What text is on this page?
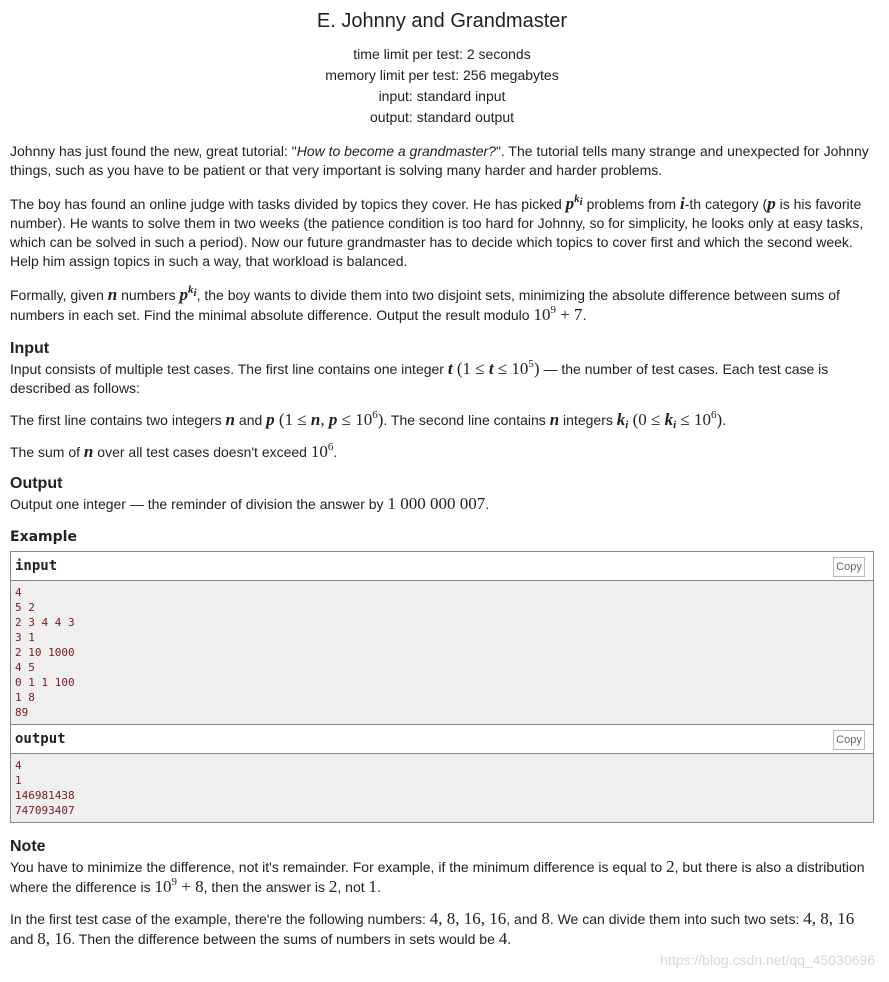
E. Johnny and Grandmaster
time limit per test: 2 seconds
memory limit per test: 256 megabytes
input: standard input
output: standard output

Johnny has just found the new, great tutorial: "How to become a grandmaster?". The tutorial tells many strange and unexpected for Johnny things, such as you have to be patient or that very important is solving many harder and harder problems.

The boy has found an online judge with tasks divided by topics they cover. He has picked $p^{k_i}$ problems from i-th category (p is his favorite number). He wants to solve them in two weeks (the patience condition is too hard for Johnny, so for simplicity, he looks only at easy tasks, which can be solved in such a period). Now our future grandmaster has to decide which topics to cover first and which the second week. Help him assign topics in such a way, that workload is balanced.

Formally, given n numbers $p^{k_i}$, the boy wants to divide them into two disjoint sets, minimizing the absolute difference between sums of numbers in each set. Find the minimal absolute difference. Output the result modulo $10^9 + 7$.

Input

Input consists of multiple test cases. The first line contains one integer t $(1 \le t \le 10^5)$ — the number of test cases. Each test case is described as follows:

The first line contains two integers n and p (1 ≤ n, $p \le 10^6$). The second line contains n integers $k_i$ $(0 \le k_i \le 10^6)$.

The sum of n over all test cases doesn't exceed $10^6$.

Output

Output one integer — the reminder of division the answer by 1 000 000 007.

Example
input	Copy
4
5 2
2 3 4 4 3
3 1
2 10 1000
4 5
0 1 1 100
1 8
89
output	Copy
4
1
146981438
747093407
Note

You have to minimize the difference, not it's remainder. For example, if the minimum difference is equal to 2, but there is also a distribution where the difference is $10^9 + 8$, then the answer is 2, not 1.

In the first test case of the example, there're the following numbers: 4, 8, 16, 16, and 8. We can divide them into such two sets: 4, 8, 16 and 8, 16. Then the difference between the sums of numbers in sets would be 4.

https://blog.csdn.net/qq_45030696
